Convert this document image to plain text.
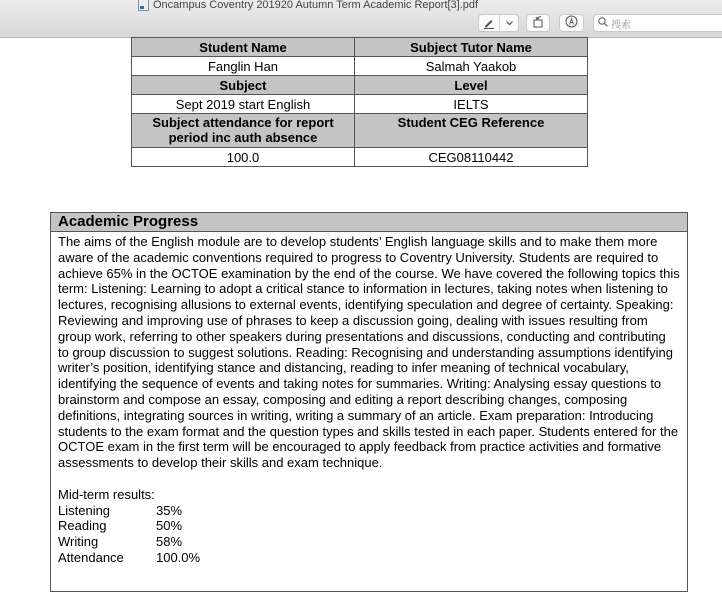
Oncampus Coventry 201920 Autumn Term Academic Report[3].pdf
搜索
Student Name	Subject Tutor Name
Fanglin Han	Salmah Yaakob
Subject	Level
Sept 2019 start English	IELTS
Subject attendance for report period inc auth absence	Student CEG Reference
100.0	CEG08110442
Academic Progress
The aims of the English module are to develop students’ English language skills and to make them more aware of the academic conventions required to progress to Coventry University. Students are required to achieve 65% in the OCTOE examination by the end of the course. We have covered the following topics this term: Listening: Learning to adopt a critical stance to information in lectures, taking notes when listening to lectures, recognising allusions to external events, identifying speculation and degree of certainty. Speaking: Reviewing and improving use of phrases to keep a discussion going, dealing with issues resulting from group work, referring to other speakers during presentations and discussions, conducting and contributing to group discussion to suggest solutions. Reading: Recognising and understanding assumptions identifying writer’s position, identifying stance and distancing, reading to infer meaning of technical vocabulary, identifying the sequence of events and taking notes for summaries. Writing: Analysing essay questions to brainstorm and compose an essay, composing and editing a report describing changes, composing definitions, integrating sources in writing, writing a summary of an article. Exam preparation: Introducing students to the exam format and the question types and skills tested in each paper. Students entered for the OCTOE exam in the first term will be encouraged to apply feedback from practice activities and formative assessments to develop their skills and exam technique.
Mid-term results:
Listening	35%
Reading	50%
Writing	58%
Attendance	100.0%
